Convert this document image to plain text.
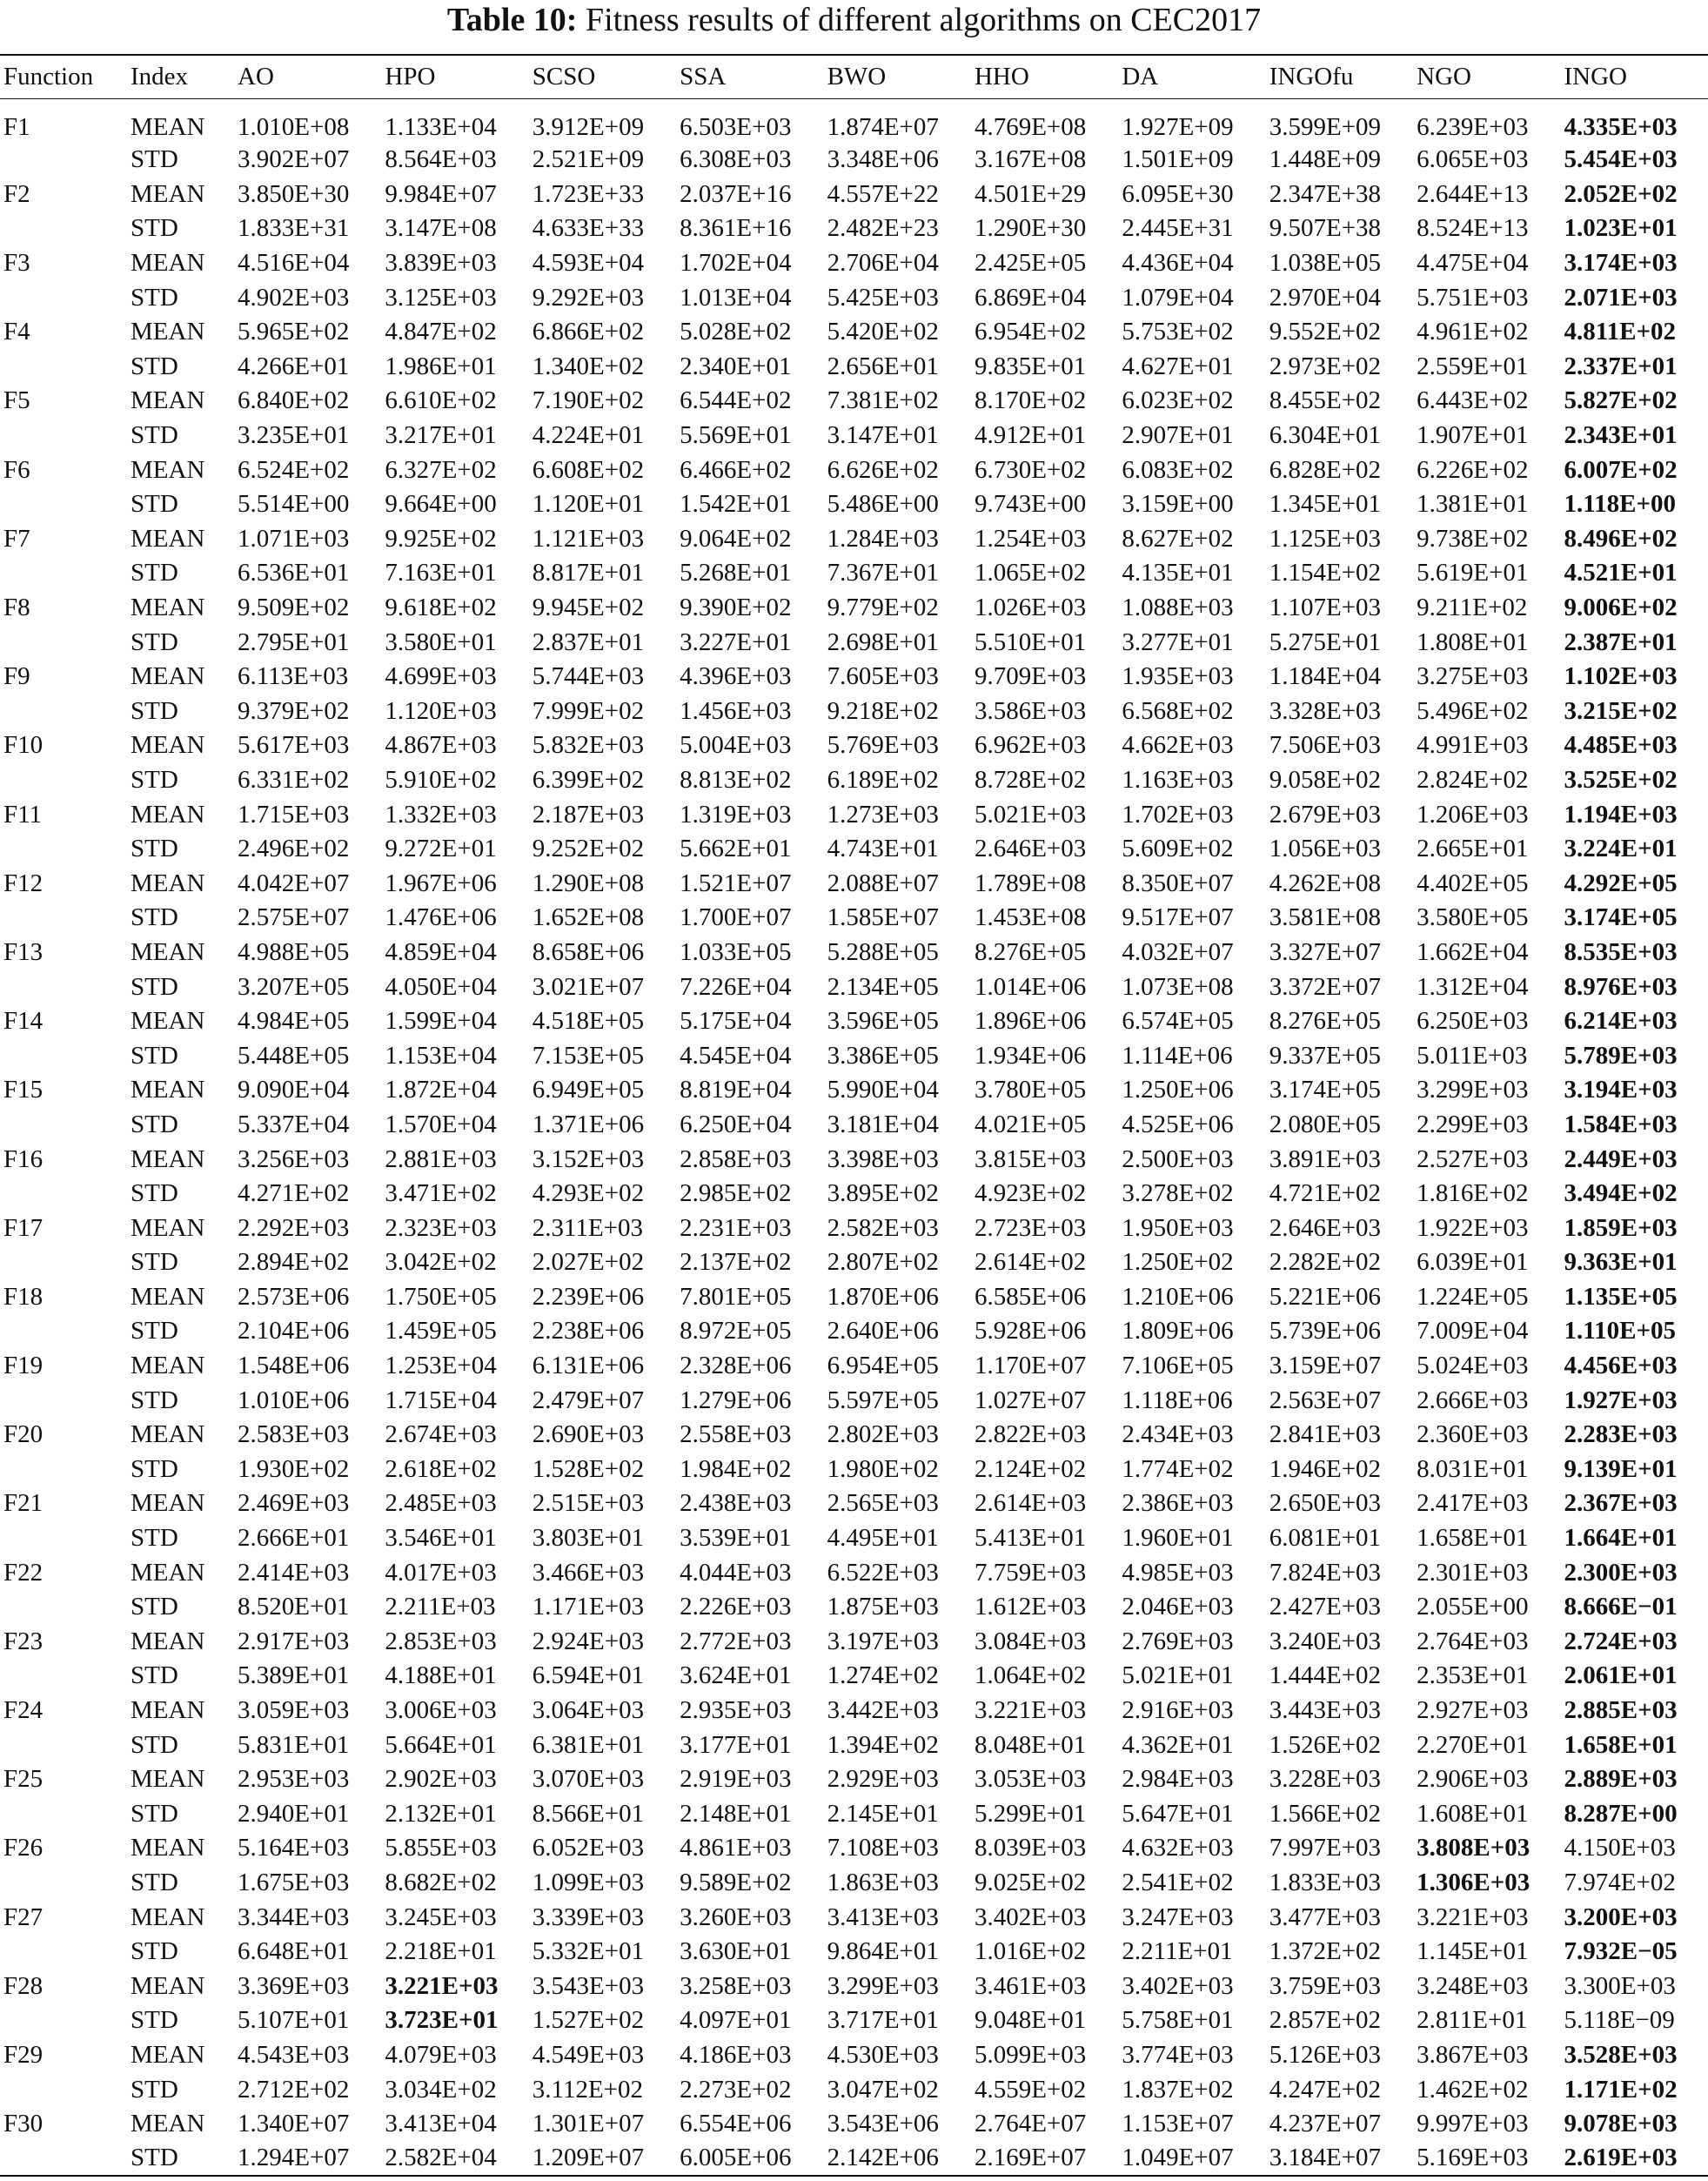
Table 10: Fitness results of different algorithms on CEC2017
Function	Index	AO	HPO	SCSO	SSA	BWO	HHO	DA	INGOfu	NGO	INGO
F1	MEAN	1.010E+08	1.133E+04	3.912E+09	6.503E+03	1.874E+07	4.769E+08	1.927E+09	3.599E+09	6.239E+03	4.335E+03
	STD	3.902E+07	8.564E+03	2.521E+09	6.308E+03	3.348E+06	3.167E+08	1.501E+09	1.448E+09	6.065E+03	5.454E+03
F2	MEAN	3.850E+30	9.984E+07	1.723E+33	2.037E+16	4.557E+22	4.501E+29	6.095E+30	2.347E+38	2.644E+13	2.052E+02
	STD	1.833E+31	3.147E+08	4.633E+33	8.361E+16	2.482E+23	1.290E+30	2.445E+31	9.507E+38	8.524E+13	1.023E+01
F3	MEAN	4.516E+04	3.839E+03	4.593E+04	1.702E+04	2.706E+04	2.425E+05	4.436E+04	1.038E+05	4.475E+04	3.174E+03
	STD	4.902E+03	3.125E+03	9.292E+03	1.013E+04	5.425E+03	6.869E+04	1.079E+04	2.970E+04	5.751E+03	2.071E+03
F4	MEAN	5.965E+02	4.847E+02	6.866E+02	5.028E+02	5.420E+02	6.954E+02	5.753E+02	9.552E+02	4.961E+02	4.811E+02
	STD	4.266E+01	1.986E+01	1.340E+02	2.340E+01	2.656E+01	9.835E+01	4.627E+01	2.973E+02	2.559E+01	2.337E+01
F5	MEAN	6.840E+02	6.610E+02	7.190E+02	6.544E+02	7.381E+02	8.170E+02	6.023E+02	8.455E+02	6.443E+02	5.827E+02
	STD	3.235E+01	3.217E+01	4.224E+01	5.569E+01	3.147E+01	4.912E+01	2.907E+01	6.304E+01	1.907E+01	2.343E+01
F6	MEAN	6.524E+02	6.327E+02	6.608E+02	6.466E+02	6.626E+02	6.730E+02	6.083E+02	6.828E+02	6.226E+02	6.007E+02
	STD	5.514E+00	9.664E+00	1.120E+01	1.542E+01	5.486E+00	9.743E+00	3.159E+00	1.345E+01	1.381E+01	1.118E+00
F7	MEAN	1.071E+03	9.925E+02	1.121E+03	9.064E+02	1.284E+03	1.254E+03	8.627E+02	1.125E+03	9.738E+02	8.496E+02
	STD	6.536E+01	7.163E+01	8.817E+01	5.268E+01	7.367E+01	1.065E+02	4.135E+01	1.154E+02	5.619E+01	4.521E+01
F8	MEAN	9.509E+02	9.618E+02	9.945E+02	9.390E+02	9.779E+02	1.026E+03	1.088E+03	1.107E+03	9.211E+02	9.006E+02
	STD	2.795E+01	3.580E+01	2.837E+01	3.227E+01	2.698E+01	5.510E+01	3.277E+01	5.275E+01	1.808E+01	2.387E+01
F9	MEAN	6.113E+03	4.699E+03	5.744E+03	4.396E+03	7.605E+03	9.709E+03	1.935E+03	1.184E+04	3.275E+03	1.102E+03
	STD	9.379E+02	1.120E+03	7.999E+02	1.456E+03	9.218E+02	3.586E+03	6.568E+02	3.328E+03	5.496E+02	3.215E+02
F10	MEAN	5.617E+03	4.867E+03	5.832E+03	5.004E+03	5.769E+03	6.962E+03	4.662E+03	7.506E+03	4.991E+03	4.485E+03
	STD	6.331E+02	5.910E+02	6.399E+02	8.813E+02	6.189E+02	8.728E+02	1.163E+03	9.058E+02	2.824E+02	3.525E+02
F11	MEAN	1.715E+03	1.332E+03	2.187E+03	1.319E+03	1.273E+03	5.021E+03	1.702E+03	2.679E+03	1.206E+03	1.194E+03
	STD	2.496E+02	9.272E+01	9.252E+02	5.662E+01	4.743E+01	2.646E+03	5.609E+02	1.056E+03	2.665E+01	3.224E+01
F12	MEAN	4.042E+07	1.967E+06	1.290E+08	1.521E+07	2.088E+07	1.789E+08	8.350E+07	4.262E+08	4.402E+05	4.292E+05
	STD	2.575E+07	1.476E+06	1.652E+08	1.700E+07	1.585E+07	1.453E+08	9.517E+07	3.581E+08	3.580E+05	3.174E+05
F13	MEAN	4.988E+05	4.859E+04	8.658E+06	1.033E+05	5.288E+05	8.276E+05	4.032E+07	3.327E+07	1.662E+04	8.535E+03
	STD	3.207E+05	4.050E+04	3.021E+07	7.226E+04	2.134E+05	1.014E+06	1.073E+08	3.372E+07	1.312E+04	8.976E+03
F14	MEAN	4.984E+05	1.599E+04	4.518E+05	5.175E+04	3.596E+05	1.896E+06	6.574E+05	8.276E+05	6.250E+03	6.214E+03
	STD	5.448E+05	1.153E+04	7.153E+05	4.545E+04	3.386E+05	1.934E+06	1.114E+06	9.337E+05	5.011E+03	5.789E+03
F15	MEAN	9.090E+04	1.872E+04	6.949E+05	8.819E+04	5.990E+04	3.780E+05	1.250E+06	3.174E+05	3.299E+03	3.194E+03
	STD	5.337E+04	1.570E+04	1.371E+06	6.250E+04	3.181E+04	4.021E+05	4.525E+06	2.080E+05	2.299E+03	1.584E+03
F16	MEAN	3.256E+03	2.881E+03	3.152E+03	2.858E+03	3.398E+03	3.815E+03	2.500E+03	3.891E+03	2.527E+03	2.449E+03
	STD	4.271E+02	3.471E+02	4.293E+02	2.985E+02	3.895E+02	4.923E+02	3.278E+02	4.721E+02	1.816E+02	3.494E+02
F17	MEAN	2.292E+03	2.323E+03	2.311E+03	2.231E+03	2.582E+03	2.723E+03	1.950E+03	2.646E+03	1.922E+03	1.859E+03
	STD	2.894E+02	3.042E+02	2.027E+02	2.137E+02	2.807E+02	2.614E+02	1.250E+02	2.282E+02	6.039E+01	9.363E+01
F18	MEAN	2.573E+06	1.750E+05	2.239E+06	7.801E+05	1.870E+06	6.585E+06	1.210E+06	5.221E+06	1.224E+05	1.135E+05
	STD	2.104E+06	1.459E+05	2.238E+06	8.972E+05	2.640E+06	5.928E+06	1.809E+06	5.739E+06	7.009E+04	1.110E+05
F19	MEAN	1.548E+06	1.253E+04	6.131E+06	2.328E+06	6.954E+05	1.170E+07	7.106E+05	3.159E+07	5.024E+03	4.456E+03
	STD	1.010E+06	1.715E+04	2.479E+07	1.279E+06	5.597E+05	1.027E+07	1.118E+06	2.563E+07	2.666E+03	1.927E+03
F20	MEAN	2.583E+03	2.674E+03	2.690E+03	2.558E+03	2.802E+03	2.822E+03	2.434E+03	2.841E+03	2.360E+03	2.283E+03
	STD	1.930E+02	2.618E+02	1.528E+02	1.984E+02	1.980E+02	2.124E+02	1.774E+02	1.946E+02	8.031E+01	9.139E+01
F21	MEAN	2.469E+03	2.485E+03	2.515E+03	2.438E+03	2.565E+03	2.614E+03	2.386E+03	2.650E+03	2.417E+03	2.367E+03
	STD	2.666E+01	3.546E+01	3.803E+01	3.539E+01	4.495E+01	5.413E+01	1.960E+01	6.081E+01	1.658E+01	1.664E+01
F22	MEAN	2.414E+03	4.017E+03	3.466E+03	4.044E+03	6.522E+03	7.759E+03	4.985E+03	7.824E+03	2.301E+03	2.300E+03
	STD	8.520E+01	2.211E+03	1.171E+03	2.226E+03	1.875E+03	1.612E+03	2.046E+03	2.427E+03	2.055E+00	8.666E−01
F23	MEAN	2.917E+03	2.853E+03	2.924E+03	2.772E+03	3.197E+03	3.084E+03	2.769E+03	3.240E+03	2.764E+03	2.724E+03
	STD	5.389E+01	4.188E+01	6.594E+01	3.624E+01	1.274E+02	1.064E+02	5.021E+01	1.444E+02	2.353E+01	2.061E+01
F24	MEAN	3.059E+03	3.006E+03	3.064E+03	2.935E+03	3.442E+03	3.221E+03	2.916E+03	3.443E+03	2.927E+03	2.885E+03
	STD	5.831E+01	5.664E+01	6.381E+01	3.177E+01	1.394E+02	8.048E+01	4.362E+01	1.526E+02	2.270E+01	1.658E+01
F25	MEAN	2.953E+03	2.902E+03	3.070E+03	2.919E+03	2.929E+03	3.053E+03	2.984E+03	3.228E+03	2.906E+03	2.889E+03
	STD	2.940E+01	2.132E+01	8.566E+01	2.148E+01	2.145E+01	5.299E+01	5.647E+01	1.566E+02	1.608E+01	8.287E+00
F26	MEAN	5.164E+03	5.855E+03	6.052E+03	4.861E+03	7.108E+03	8.039E+03	4.632E+03	7.997E+03	3.808E+03	4.150E+03
	STD	1.675E+03	8.682E+02	1.099E+03	9.589E+02	1.863E+03	9.025E+02	2.541E+02	1.833E+03	1.306E+03	7.974E+02
F27	MEAN	3.344E+03	3.245E+03	3.339E+03	3.260E+03	3.413E+03	3.402E+03	3.247E+03	3.477E+03	3.221E+03	3.200E+03
	STD	6.648E+01	2.218E+01	5.332E+01	3.630E+01	9.864E+01	1.016E+02	2.211E+01	1.372E+02	1.145E+01	7.932E−05
F28	MEAN	3.369E+03	3.221E+03	3.543E+03	3.258E+03	3.299E+03	3.461E+03	3.402E+03	3.759E+03	3.248E+03	3.300E+03
	STD	5.107E+01	3.723E+01	1.527E+02	4.097E+01	3.717E+01	9.048E+01	5.758E+01	2.857E+02	2.811E+01	5.118E−09
F29	MEAN	4.543E+03	4.079E+03	4.549E+03	4.186E+03	4.530E+03	5.099E+03	3.774E+03	5.126E+03	3.867E+03	3.528E+03
	STD	2.712E+02	3.034E+02	3.112E+02	2.273E+02	3.047E+02	4.559E+02	1.837E+02	4.247E+02	1.462E+02	1.171E+02
F30	MEAN	1.340E+07	3.413E+04	1.301E+07	6.554E+06	3.543E+06	2.764E+07	1.153E+07	4.237E+07	9.997E+03	9.078E+03
	STD	1.294E+07	2.582E+04	1.209E+07	6.005E+06	2.142E+06	2.169E+07	1.049E+07	3.184E+07	5.169E+03	2.619E+03
